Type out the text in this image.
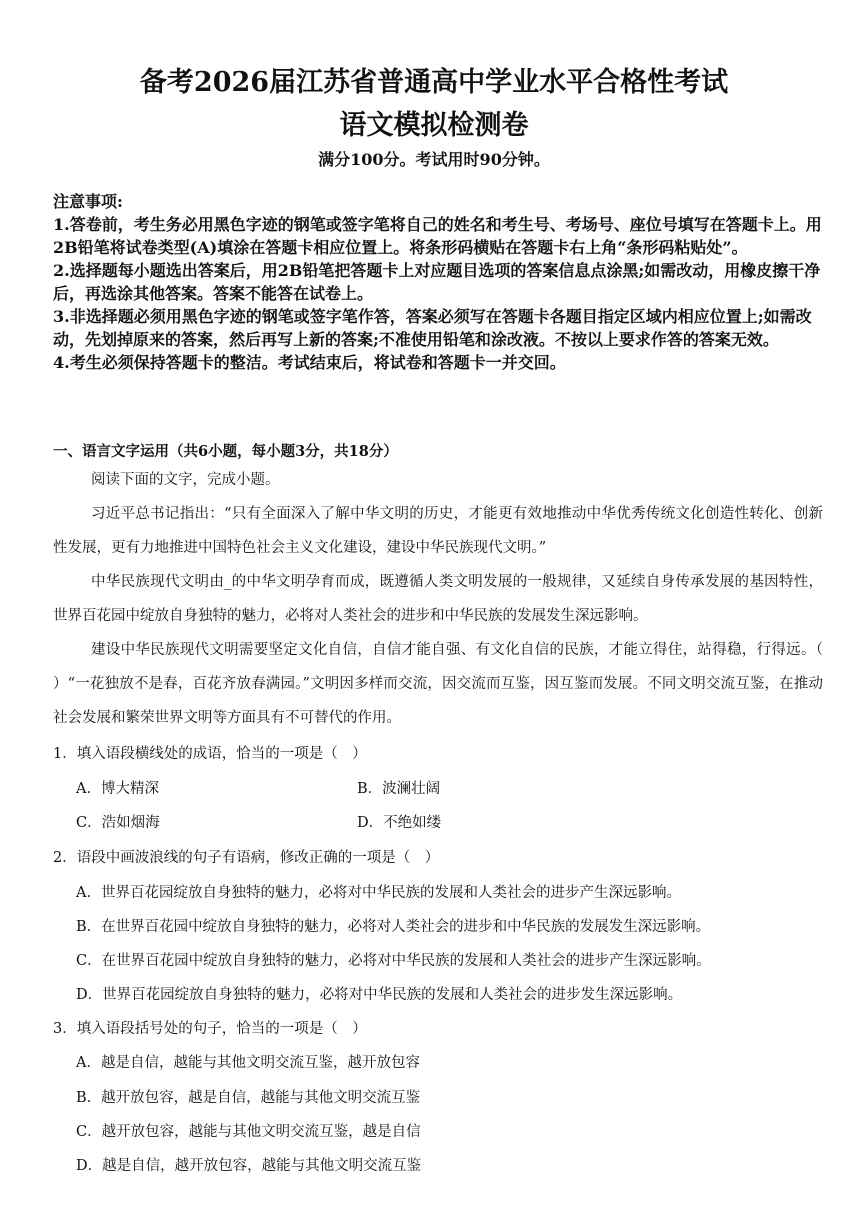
备考2026届江苏省普通高中学业水平合格性考试
语文模拟检测卷
满分100分。考试用时90分钟。

注意事项:

1.答卷前，考生务必用黑色字迹的钢笔或签字笔将自己的姓名和考生号、考场号、座位号填写在答题卡上。用2B铅笔将试卷类型(A)填涂在答题卡相应位置上。将条形码横贴在答题卡右上角“条形码粘贴处”。

2.选择题每小题选出答案后，用2B铅笔把答题卡上对应题目选项的答案信息点涂黑;如需改动，用橡皮擦干净后，再选涂其他答案。答案不能答在试卷上。

3.非选择题必须用黑色字迹的钢笔或签字笔作答，答案必须写在答题卡各题目指定区域内相应位置上;如需改动，先划掉原来的答案，然后再写上新的答案;不准使用铅笔和涂改液。不按以上要求作答的答案无效。

4.考生必须保持答题卡的整洁。考试结束后，将试卷和答题卡一并交回。

一、语言文字运用（共6小题，每小题3分，共18分）
阅读下面的文字，完成小题。
习近平总书记指出：“只有全面深入了解中华文明的历史，才能更有效地推动中华优秀传统文化创造性转化、创新性发展，更有力地推进中国特色社会主义文化建设，建设中华民族现代文明。”
中华民族现代文明由_的中华文明孕育而成，既遵循人类文明发展的一般规律，又延续自身传承发展的基因特性，世界百花园中绽放自身独特的魅力，必将对人类社会的进步和中华民族的发展发生深远影响。
建设中华民族现代文明需要坚定文化自信，自信才能自强、有文化自信的民族，才能立得住，站得稳，行得远。（ ）“一花独放不是春，百花齐放春满园。”文明因多样而交流，因交流而互鉴，因互鉴而发展。不同文明交流互鉴，在推动社会发展和繁荣世界文明等方面具有不可替代的作用。
1．填入语段横线处的成语，恰当的一项是（　）
A．博大精深	B．波澜壮阔
C．浩如烟海	D．不绝如缕
2．语段中画波浪线的句子有语病，修改正确的一项是（　）
A．世界百花园绽放自身独特的魅力，必将对中华民族的发展和人类社会的进步产生深远影响。
B．在世界百花园中绽放自身独特的魅力，必将对人类社会的进步和中华民族的发展发生深远影响。
C．在世界百花园中绽放自身独特的魅力，必将对中华民族的发展和人类社会的进步产生深远影响。
D．世界百花园绽放自身独特的魅力，必将对中华民族的发展和人类社会的进步发生深远影响。
3．填入语段括号处的句子，恰当的一项是（　）
A．越是自信，越能与其他文明交流互鉴，越开放包容
B．越开放包容，越是自信，越能与其他文明交流互鉴
C．越开放包容，越能与其他文明交流互鉴，越是自信
D．越是自信，越开放包容，越能与其他文明交流互鉴
